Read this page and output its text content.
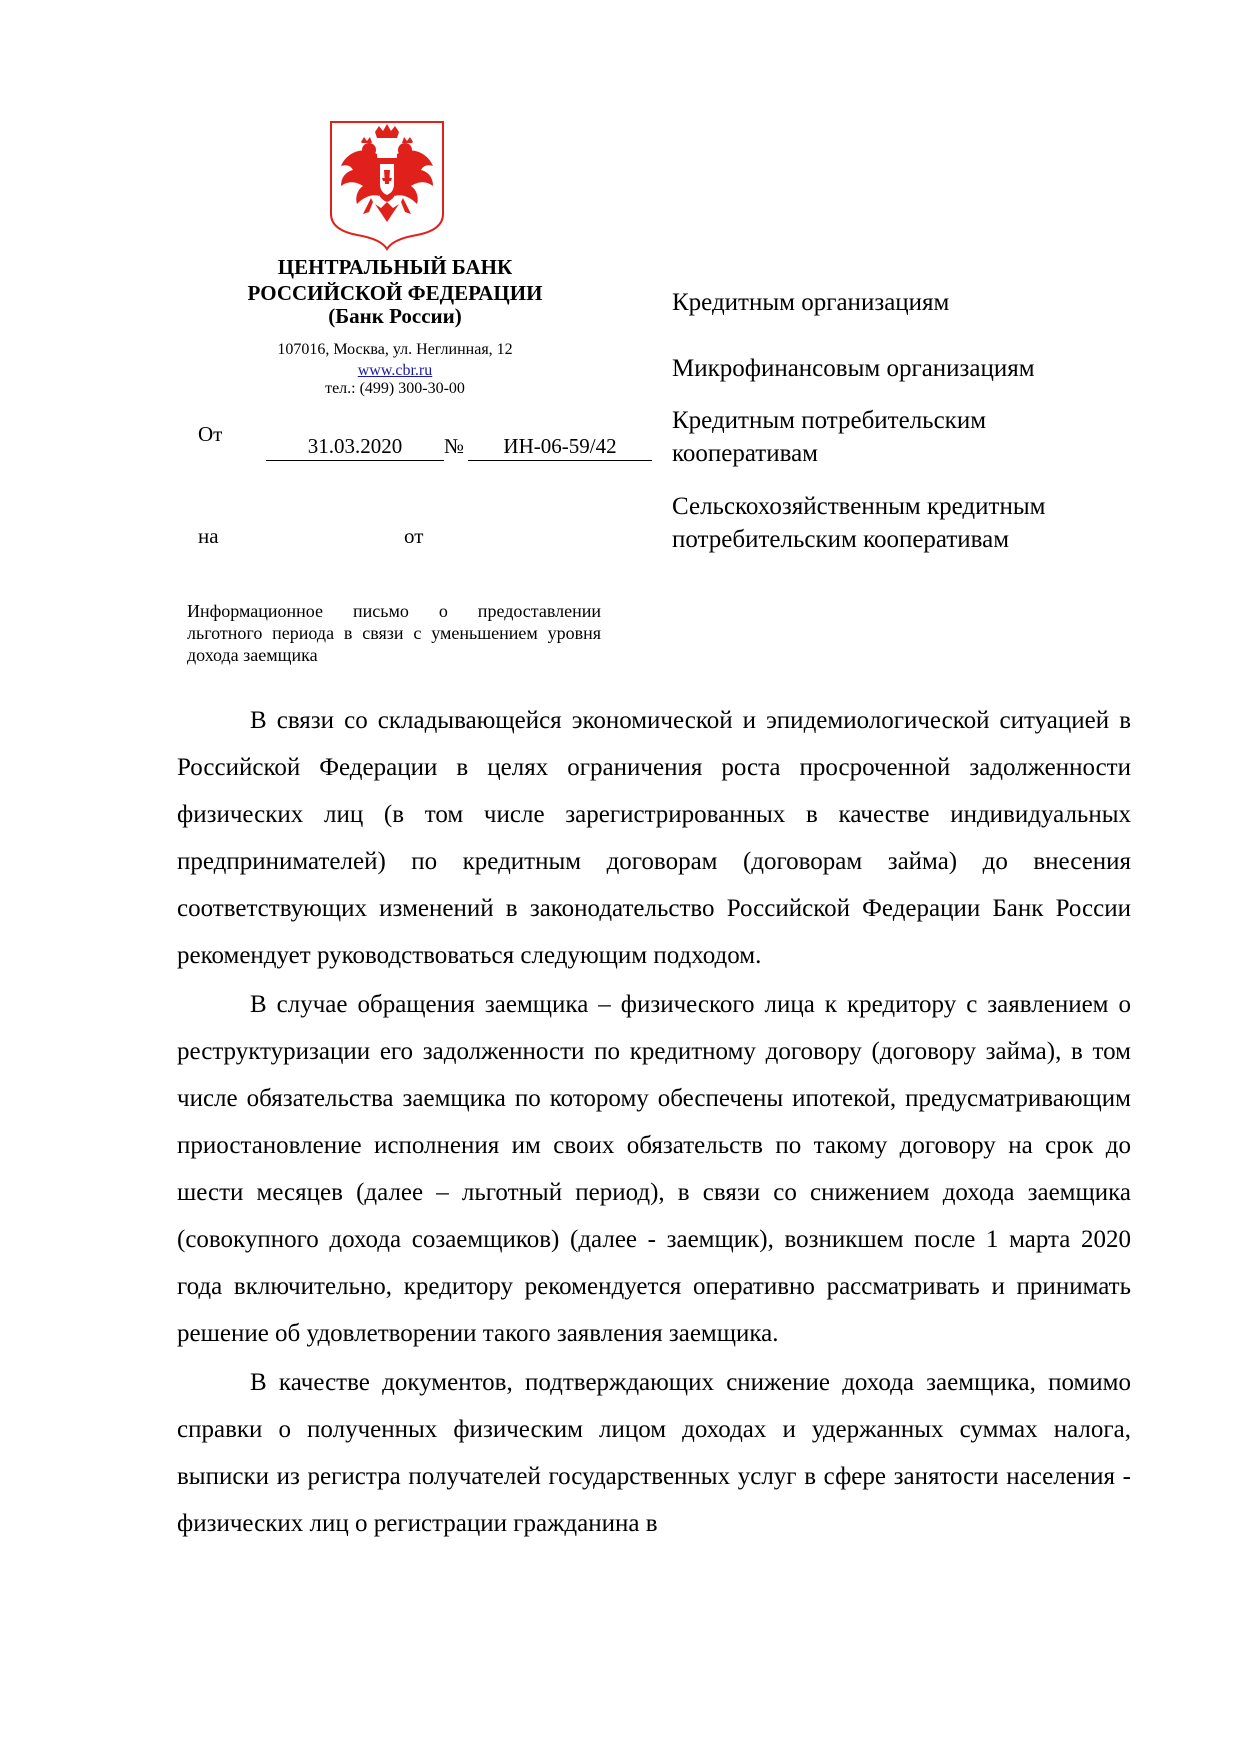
ЦЕНТРАЛЬНЫЙ БАНК
РОССИЙСКОЙ ФЕДЕРАЦИИ
(Банк России)
107016, Москва, ул. Неглинная, 12
www.cbr.ru
тел.: (499) 300-30-00
От	31.03.2020	№	ИН-06-59/42
на	от
Кредитным организациям
Микрофинансовым организациям
Кредитным потребительским кооперативам
Сельскохозяйственным кредитным потребительским кооперативам
Информационное письмо о предоставлении льготного периода в связи с уменьшением уровня дохода заемщика

В связи со складывающейся экономической и эпидемиологической ситуацией в Российской Федерации в целях ограничения роста просроченной задолженности физических лиц (в том числе зарегистрированных в качестве индивидуальных предпринимателей) по кредитным договорам (договорам займа) до внесения соответствующих изменений в законодательство Российской Федерации Банк России рекомендует руководствоваться следующим подходом.

В случае обращения заемщика – физического лица к кредитору с заявлением о реструктуризации его задолженности по кредитному договору (договору займа), в том числе обязательства заемщика по которому обеспечены ипотекой, предусматривающим приостановление исполнения им своих обязательств по такому договору на срок до шести месяцев (далее – льготный период), в связи со снижением дохода заемщика (совокупного дохода созаемщиков) (далее - заемщик), возникшем после 1 марта 2020 года включительно, кредитору рекомендуется оперативно рассматривать и принимать решение об удовлетворении такого заявления заемщика.

В качестве документов, подтверждающих снижение дохода заемщика, помимо справки о полученных физическим лицом доходах и удержанных суммах налога, выписки из регистра получателей государственных услуг в сфере занятости населения - физических лиц о регистрации гражданина в
